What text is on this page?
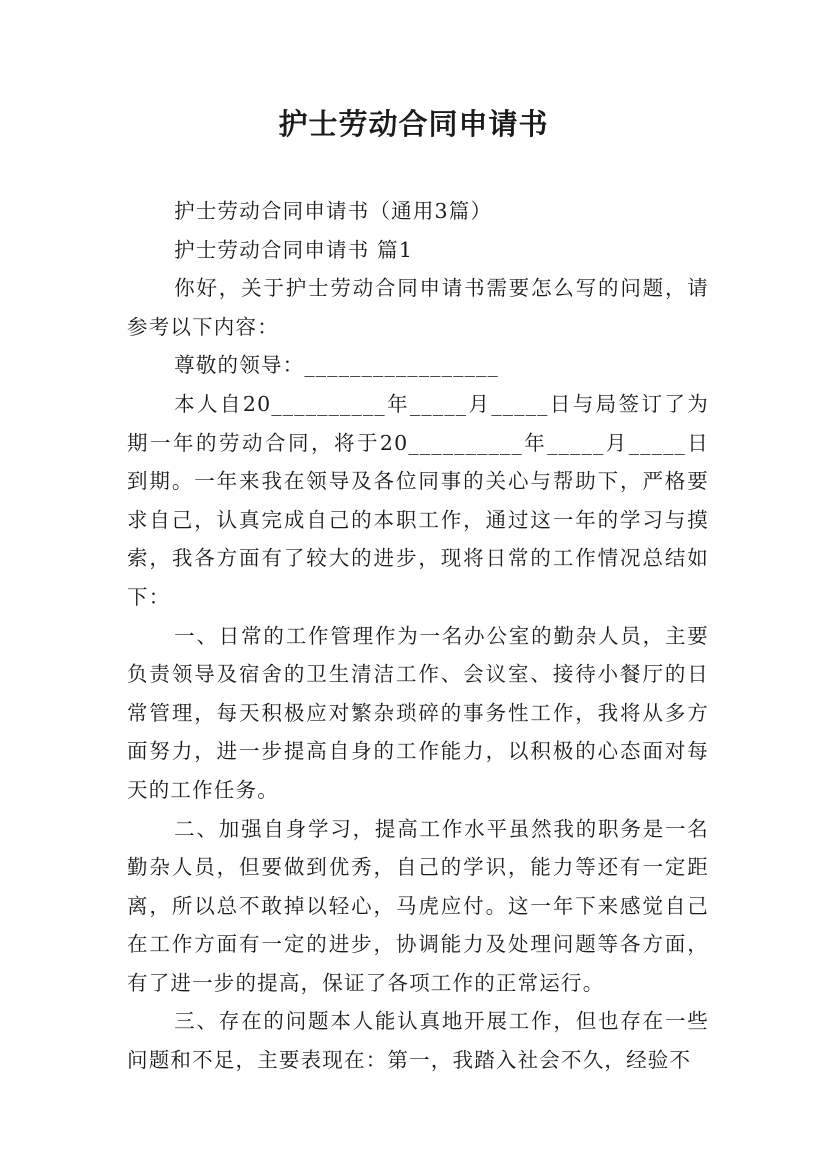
护士劳动合同申请书

护士劳动合同申请书（通用3篇）

护士劳动合同申请书 篇1

你好，关于护士劳动合同申请书需要怎么写的问题，请参考以下内容：

尊敬的领导：_________________

本人自20__________年_____月_____日与局签订了为期一年的劳动合同，将于20__________年_____月_____日到期。一年来我在领导及各位同事的关心与帮助下，严格要求自己，认真完成自己的本职工作，通过这一年的学习与摸索，我各方面有了较大的进步，现将日常的工作情况总结如下：

一、日常的工作管理作为一名办公室的勤杂人员，主要负责领导及宿舍的卫生清洁工作、会议室、接待小餐厅的日常管理，每天积极应对繁杂琐碎的事务性工作，我将从多方面努力，进一步提高自身的工作能力，以积极的心态面对每天的工作任务。

二、加强自身学习，提高工作水平虽然我的职务是一名勤杂人员，但要做到优秀，自己的学识，能力等还有一定距离，所以总不敢掉以轻心，马虎应付。这一年下来感觉自己在工作方面有一定的进步，协调能力及处理问题等各方面，有了进一步的提高，保证了各项工作的正常运行。

三、存在的问题本人能认真地开展工作，但也存在一些问题和不足，主要表现在：第一，我踏入社会不久，经验不
